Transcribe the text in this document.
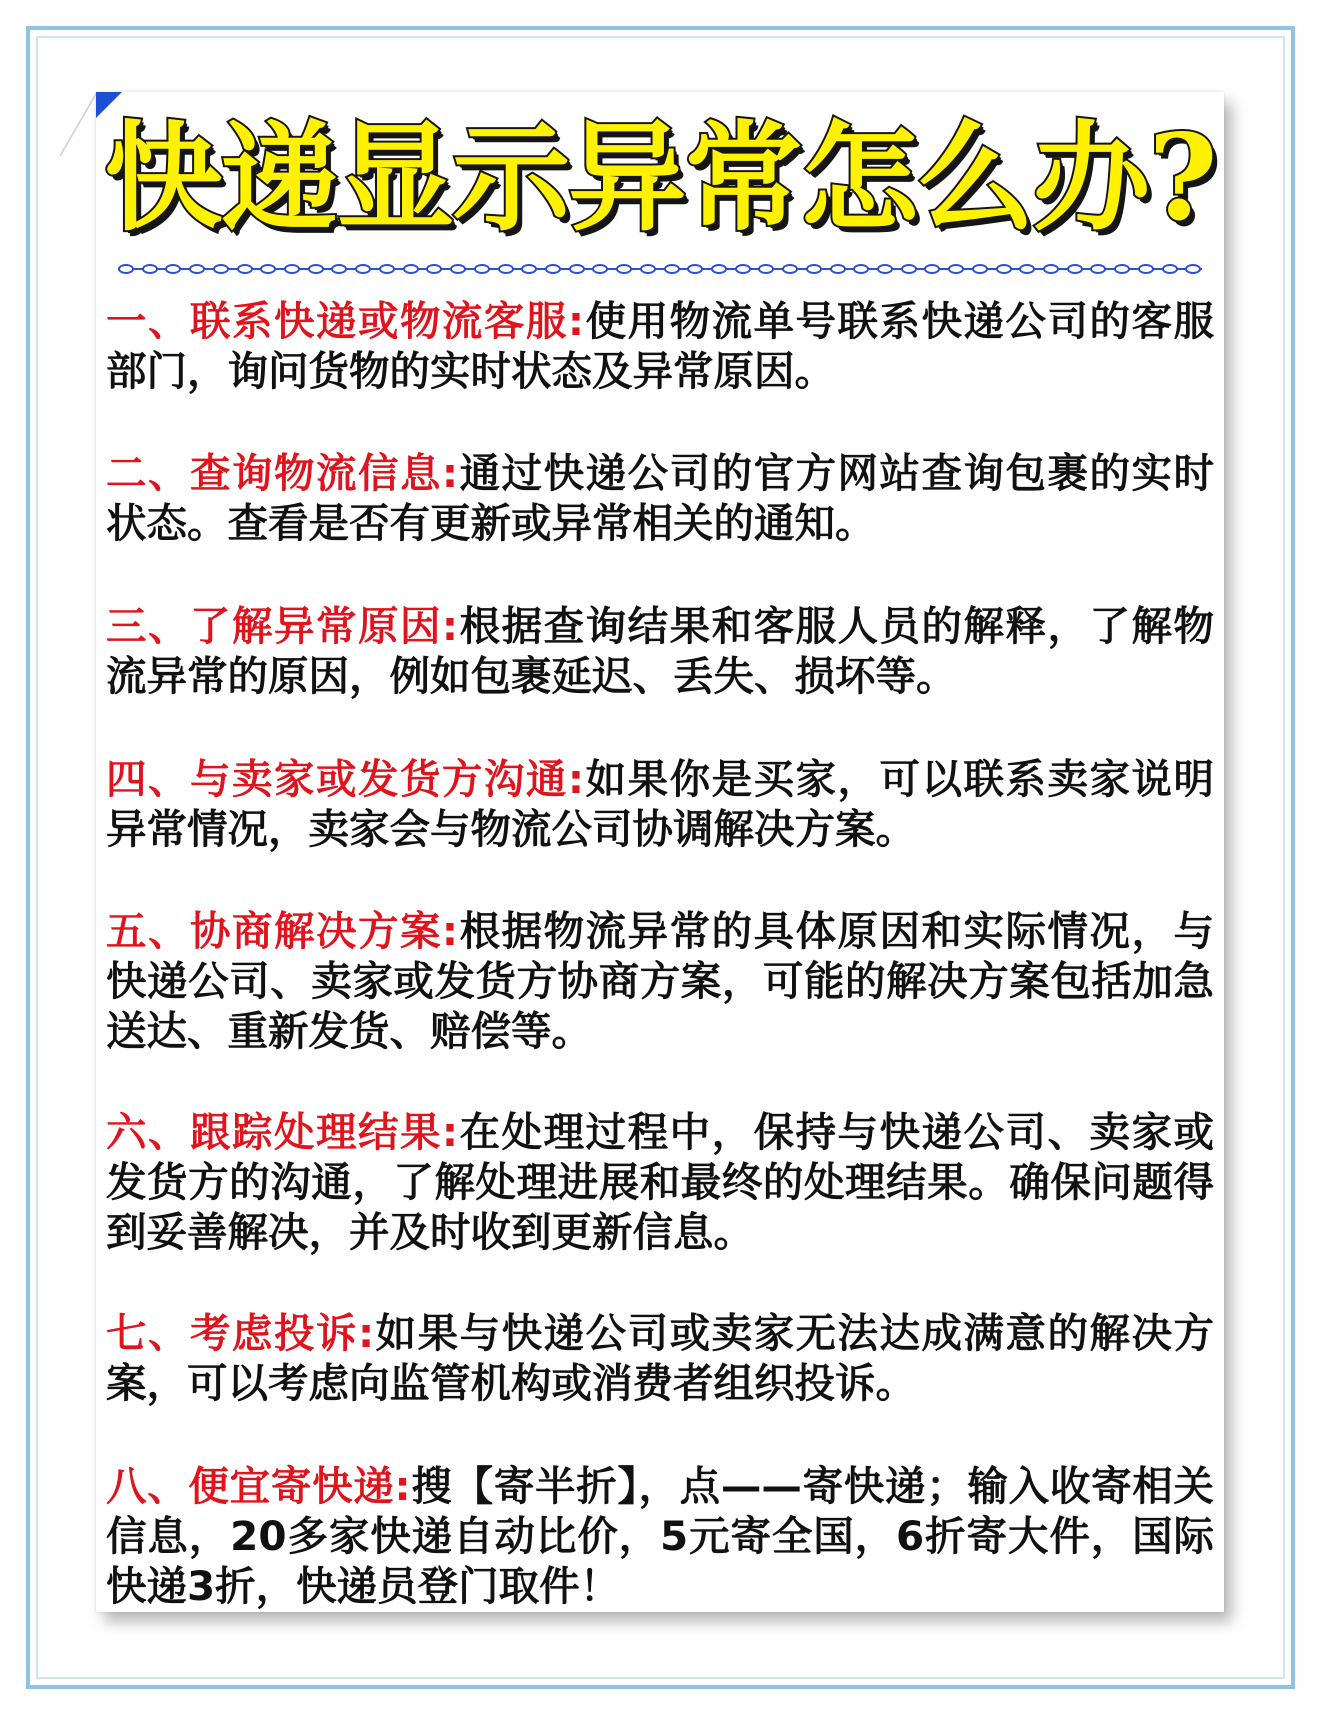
快递显示异常怎么办?

一、联系快递或物流客服:使用物流单号联系快递公司的客服部门，询问货物的实时状态及异常原因。

二、查询物流信息:通过快递公司的官方网站查询包裹的实时状态。查看是否有更新或异常相关的通知。

三、了解异常原因:根据查询结果和客服人员的解释，了解物流异常的原因，例如包裹延迟、丢失、损坏等。

四、与卖家或发货方沟通:如果你是买家，可以联系卖家说明异常情况，卖家会与物流公司协调解决方案。

五、协商解决方案:根据物流异常的具体原因和实际情况，与快递公司、卖家或发货方协商方案，可能的解决方案包括加急送达、重新发货、赔偿等。

六、跟踪处理结果:在处理过程中，保持与快递公司、卖家或发货方的沟通，了解处理进展和最终的处理结果。确保问题得到妥善解决，并及时收到更新信息。

七、考虑投诉:如果与快递公司或卖家无法达成满意的解决方案，可以考虑向监管机构或消费者组织投诉。

八、便宜寄快递:搜【寄半折】，点——寄快递；输入收寄相关信息，20多家快递自动比价，5元寄全国，6折寄大件，国际快递3折，快递员登门取件！
